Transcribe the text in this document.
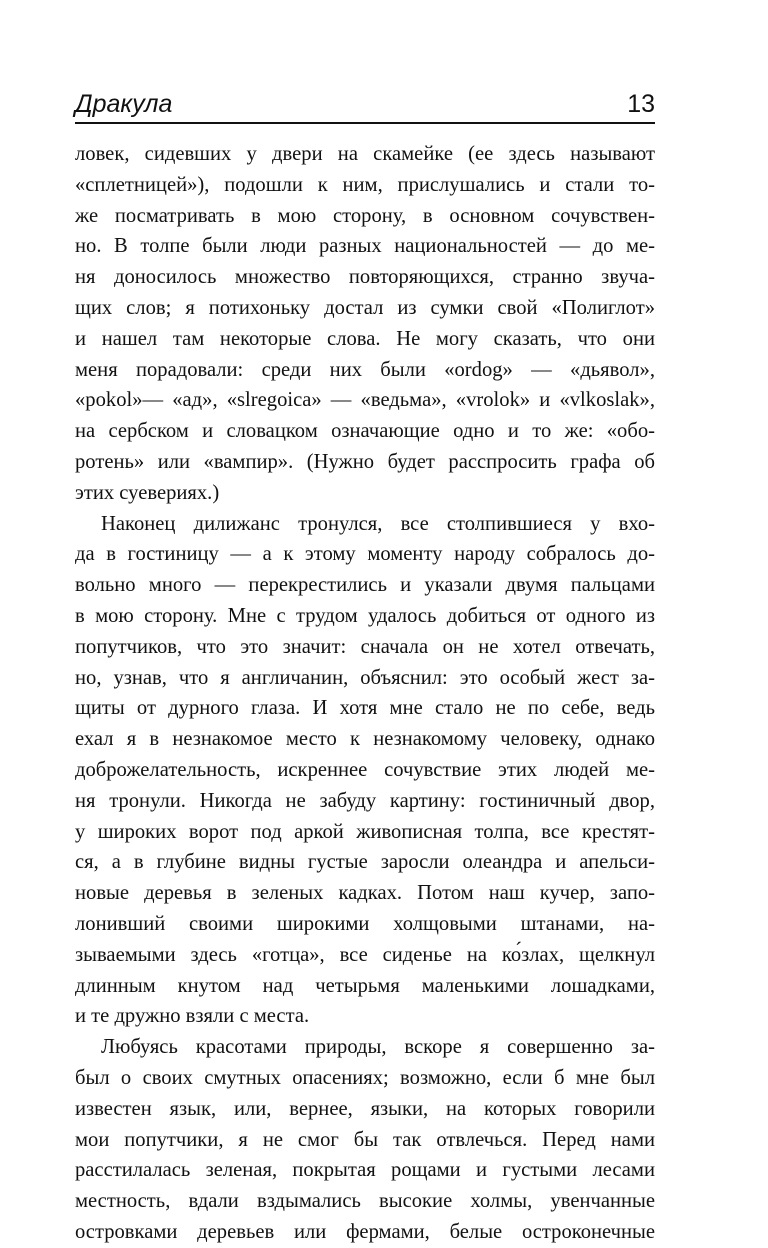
Дракула	13
ловек, сидевших у двери на скамейке (ее здесь называют
«сплетницей»), подошли к ним, прислушались и стали то-
же посматривать в мою сторону, в основном сочувствен-
но. В толпе были люди разных национальностей — до ме-
ня доносилось множество повторяющихся, странно звуча-
щих слов; я потихоньку достал из сумки свой «Полиглот»
и нашел там некоторые слова. Не могу сказать, что они
меня порадовали: среди них были «ordog» — «дьявол»,
«pokol»— «ад», «slregoica» — «ведьма», «vrolok» и «vlkoslak»,
на сербском и словацком означающие одно и то же: «обо-
ротень» или «вампир». (Нужно будет расспросить графа об
этих суевериях.)
Наконец дилижанс тронулся, все столпившиеся у вхо-
да в гостиницу — а к этому моменту народу собралось до-
вольно много — перекрестились и указали двумя пальцами
в мою сторону. Мне с трудом удалось добиться от одного из
попутчиков, что это значит: сначала он не хотел отвечать,
но, узнав, что я англичанин, объяснил: это особый жест за-
щиты от дурного глаза. И хотя мне стало не по себе, ведь
ехал я в незнакомое место к незнакомому человеку, однако
доброжелательность, искреннее сочувствие этих людей ме-
ня тронули. Никогда не забуду картину: гостиничный двор,
у широких ворот под аркой живописная толпа, все крестят-
ся, а в глубине видны густые заросли олеандра и апельси-
новые деревья в зеленых кадках. Потом наш кучер, запо-
лонивший своими широкими холщовыми штанами, на-
зываемыми здесь «готца», все сиденье на ко́злах, щелкнул
длинным кнутом над четырьмя маленькими лошадками,
и те дружно взяли с места.
Любуясь красотами природы, вскоре я совершенно за-
был о своих смутных опасениях; возможно, если б мне был
известен язык, или, вернее, языки, на которых говорили
мои попутчики, я не смог бы так отвлечься. Перед нами
расстилалась зеленая, покрытая рощами и густыми лесами
местность, вдали вздымались высокие холмы, увенчанные
островками деревьев или фермами, белые остроконечные
